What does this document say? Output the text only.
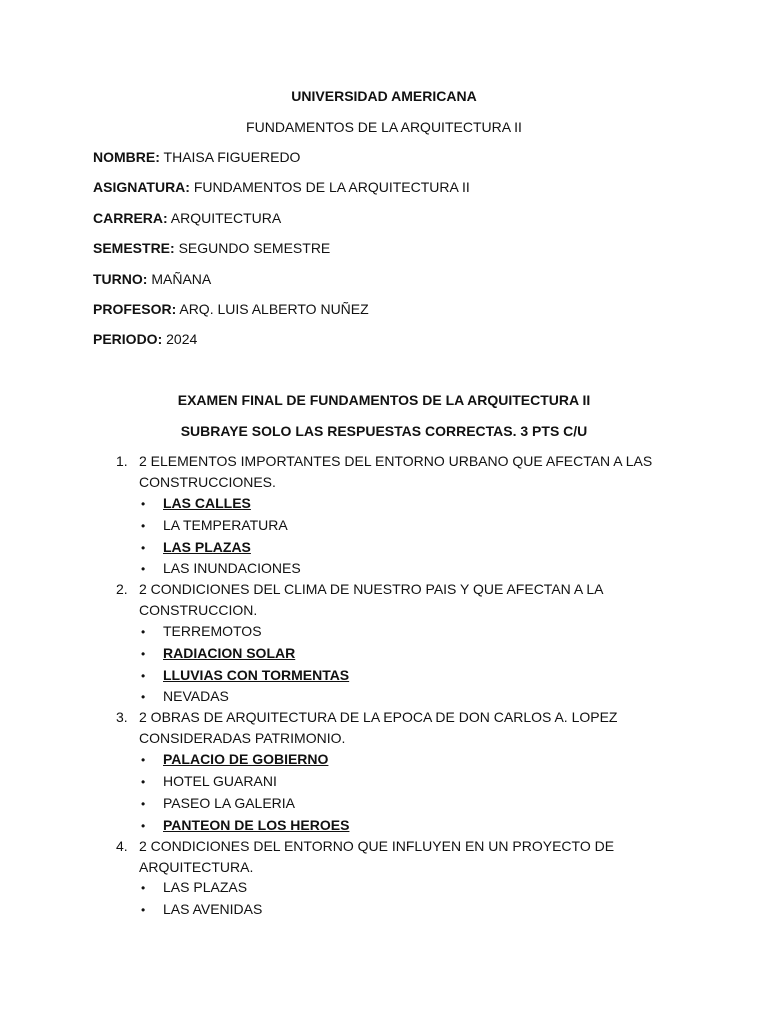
UNIVERSIDAD AMERICANA
FUNDAMENTOS DE LA ARQUITECTURA II
NOMBRE: THAISA FIGUEREDO
ASIGNATURA: FUNDAMENTOS DE LA ARQUITECTURA II
CARRERA: ARQUITECTURA
SEMESTRE: SEGUNDO SEMESTRE
TURNO: MAÑANA
PROFESOR: ARQ. LUIS ALBERTO NUÑEZ
PERIODO: 2024
EXAMEN FINAL DE FUNDAMENTOS DE LA ARQUITECTURA II
SUBRAYE SOLO LAS RESPUESTAS CORRECTAS. 3 PTS C/U
1. 2 ELEMENTOS IMPORTANTES DEL ENTORNO URBANO QUE AFECTAN A LAS CONSTRUCCIONES.
• LAS CALLES
• LA TEMPERATURA
• LAS PLAZAS
• LAS INUNDACIONES
2. 2 CONDICIONES DEL CLIMA DE NUESTRO PAIS Y QUE AFECTAN A LA CONSTRUCCION.
• TERREMOTOS
• RADIACION SOLAR
• LLUVIAS CON TORMENTAS
• NEVADAS
3. 2 OBRAS DE ARQUITECTURA DE LA EPOCA DE DON CARLOS A. LOPEZ CONSIDERADAS PATRIMONIO.
• PALACIO DE GOBIERNO
• HOTEL GUARANI
• PASEO LA GALERIA
• PANTEON DE LOS HEROES
4. 2 CONDICIONES DEL ENTORNO QUE INFLUYEN EN UN PROYECTO DE ARQUITECTURA.
• LAS PLAZAS
• LAS AVENIDAS
